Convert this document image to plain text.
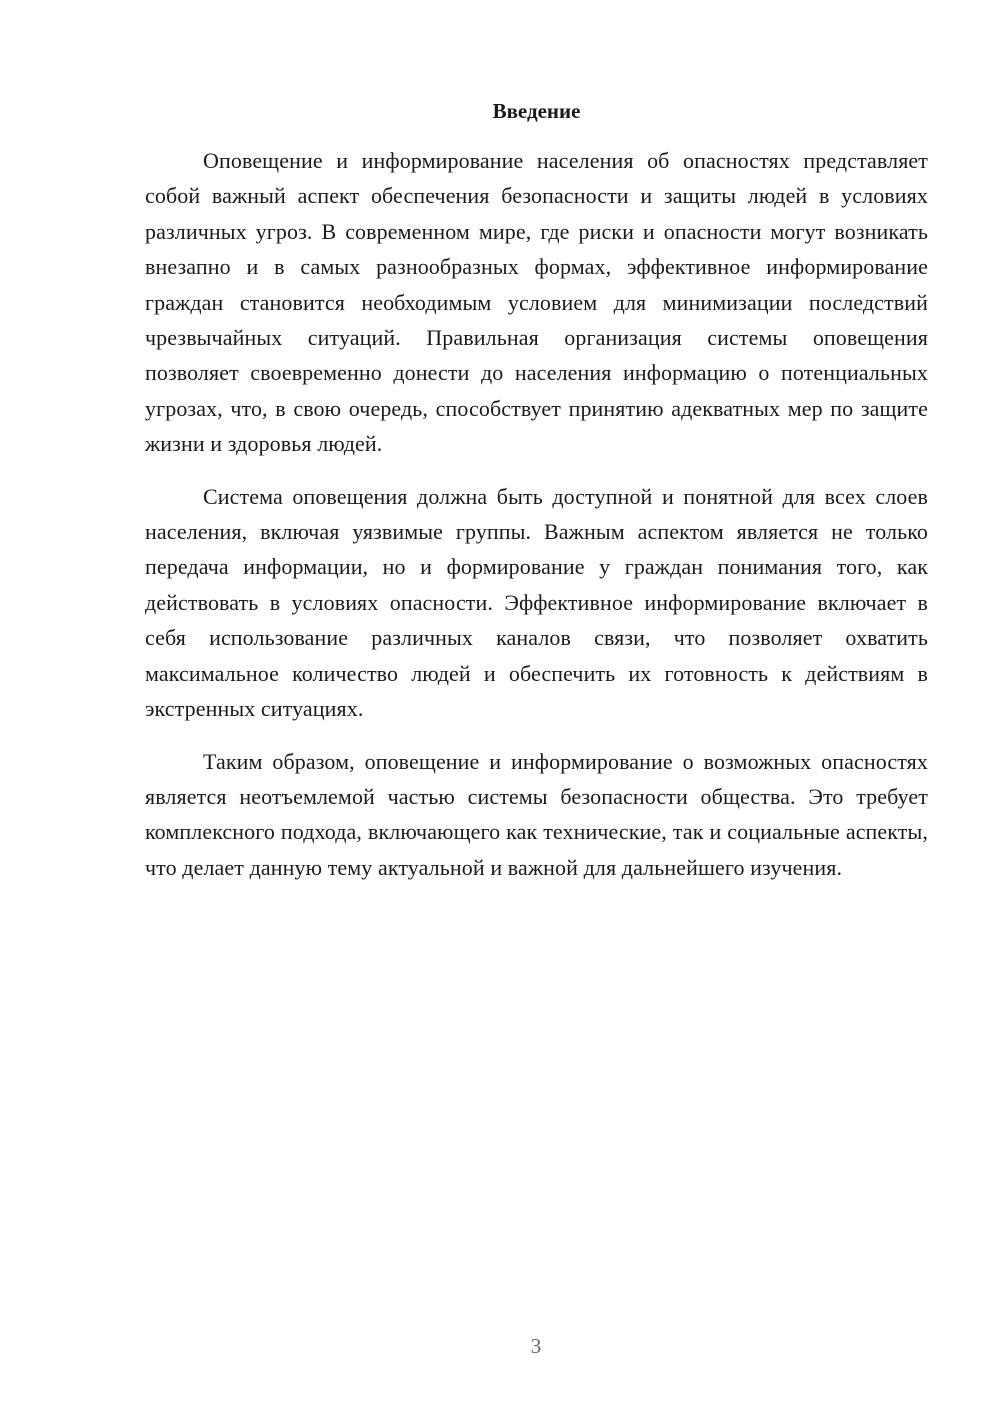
Введение

Оповещение и информирование населения об опасностях представляет собой важный аспект обеспечения безопасности и защиты людей в условиях различных угроз. В современном мире, где риски и опасности могут возникать внезапно и в самых разнообразных формах, эффективное информирование граждан становится необходимым условием для минимизации последствий чрезвычайных ситуаций. Правильная организация системы оповещения позволяет своевременно донести до населения информацию о потенциальных угрозах, что, в свою очередь, способствует принятию адекватных мер по защите жизни и здоровья людей.

Система оповещения должна быть доступной и понятной для всех слоев населения, включая уязвимые группы. Важным аспектом является не только передача информации, но и формирование у граждан понимания того, как действовать в условиях опасности. Эффективное информирование включает в себя использование различных каналов связи, что позволяет охватить максимальное количество людей и обеспечить их готовность к действиям в экстренных ситуациях.

Таким образом, оповещение и информирование о возможных опасностях является неотъемлемой частью системы безопасности общества. Это требует комплексного подхода, включающего как технические, так и социальные аспекты, что делает данную тему актуальной и важной для дальнейшего изучения.

3
